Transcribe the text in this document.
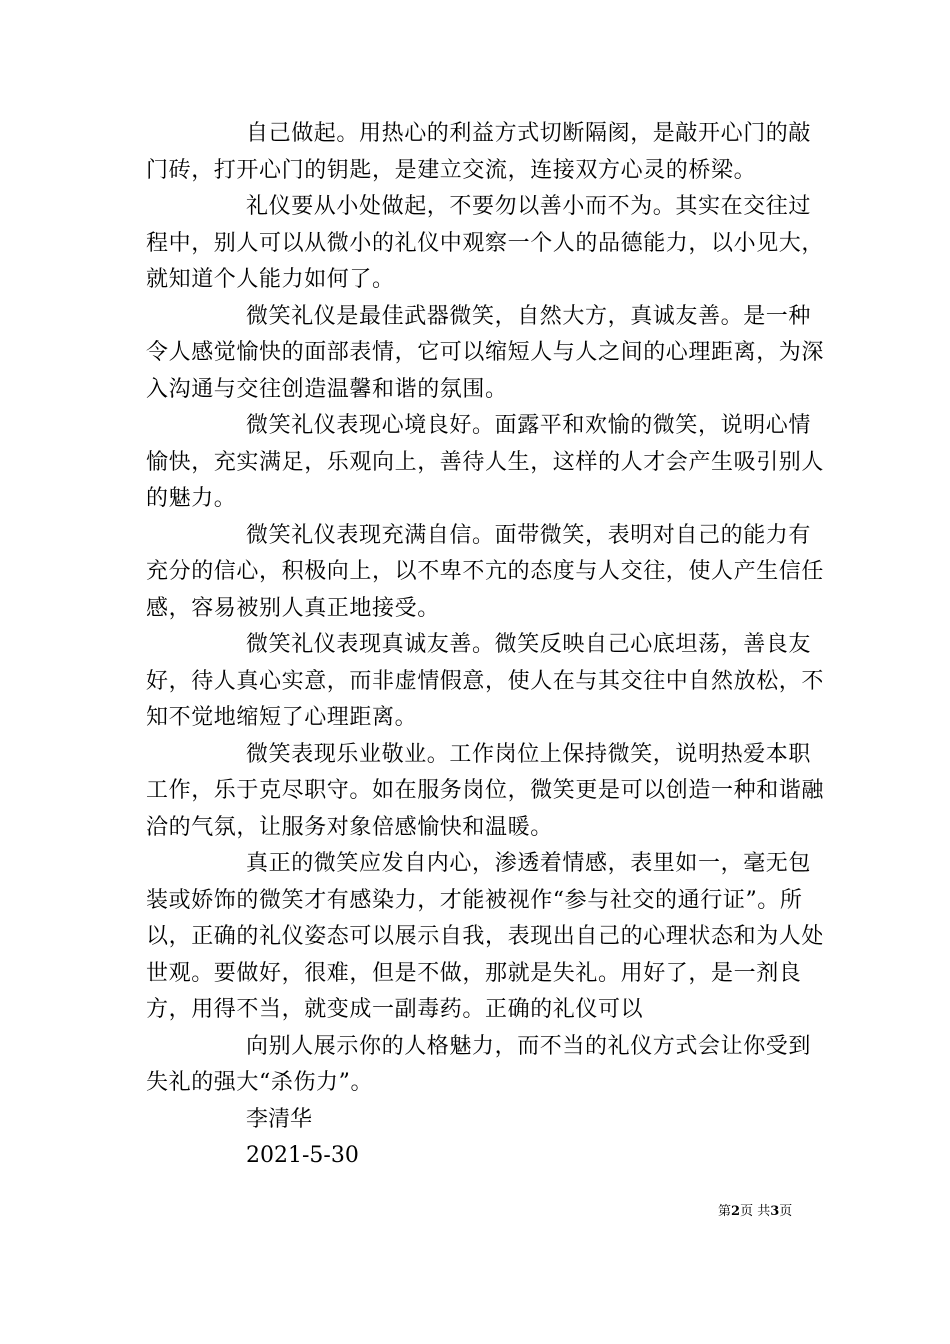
自己做起。用热心的利益方式切断隔阂，是敲开心门的敲门砖，打开心门的钥匙，是建立交流，连接双方心灵的桥梁。

礼仪要从小处做起，不要勿以善小而不为。其实在交往过程中，别人可以从微小的礼仪中观察一个人的品德能力，以小见大，就知道个人能力如何了。

微笑礼仪是最佳武器微笑，自然大方，真诚友善。是一种令人感觉愉快的面部表情，它可以缩短人与人之间的心理距离，为深入沟通与交往创造温馨和谐的氛围。

微笑礼仪表现心境良好。面露平和欢愉的微笑，说明心情愉快，充实满足，乐观向上，善待人生，这样的人才会产生吸引别人的魅力。

微笑礼仪表现充满自信。面带微笑，表明对自己的能力有充分的信心，积极向上，以不卑不亢的态度与人交往，使人产生信任感，容易被别人真正地接受。

微笑礼仪表现真诚友善。微笑反映自己心底坦荡，善良友好，待人真心实意，而非虚情假意，使人在与其交往中自然放松，不知不觉地缩短了心理距离。

微笑表现乐业敬业。工作岗位上保持微笑，说明热爱本职工作，乐于克尽职守。如在服务岗位，微笑更是可以创造一种和谐融洽的气氛，让服务对象倍感愉快和温暖。

真正的微笑应发自内心，渗透着情感，表里如一，毫无包装或娇饰的微笑才有感染力，才能被视作“参与社交的通行证”。所以，正确的礼仪姿态可以展示自我，表现出自己的心理状态和为人处世观。要做好，很难，但是不做，那就是失礼。用好了，是一剂良方，用得不当，就变成一副毒药。正确的礼仪可以

向别人展示你的人格魅力，而不当的礼仪方式会让你受到失礼的强大“杀伤力”。

李清华

2021-5-30

第2页 共3页
